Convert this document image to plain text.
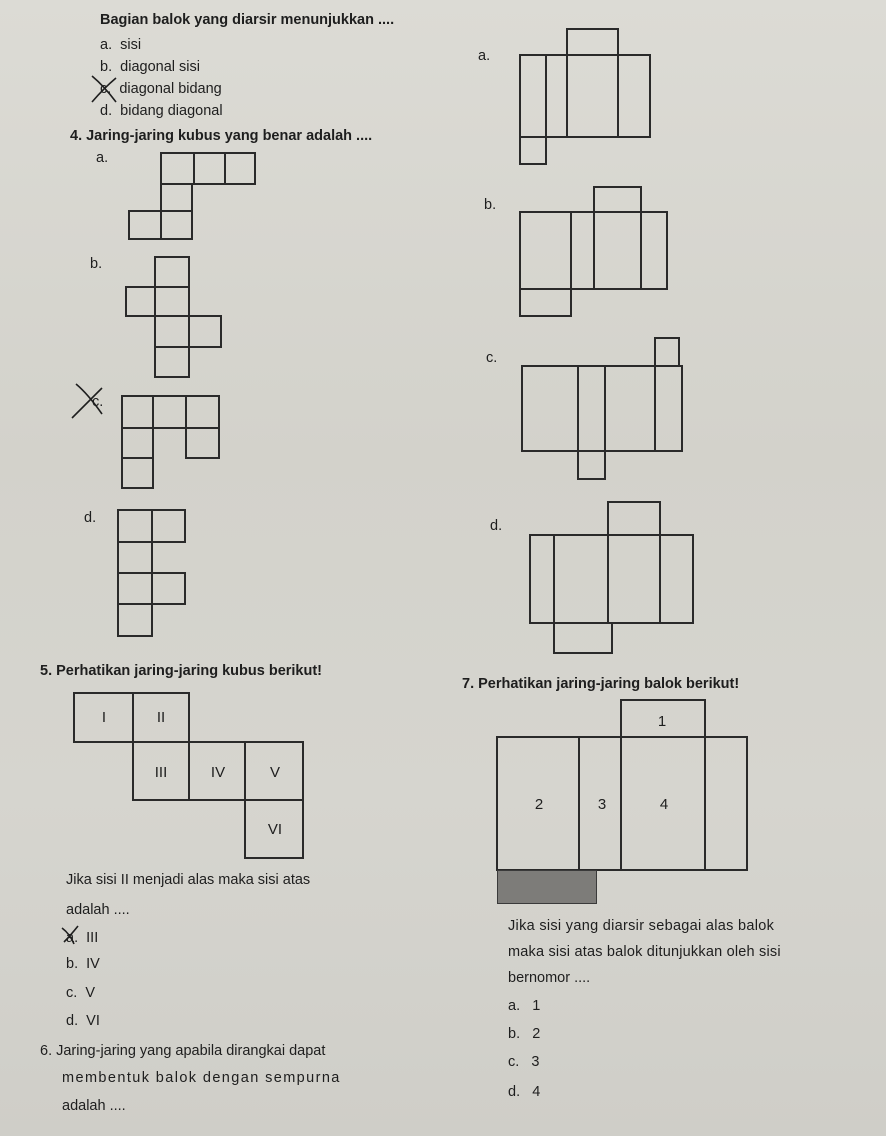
Bagian balok yang diarsir menunjukkan ....
a. sisi
b. diagonal sisi
c. diagonal bidang
d. bidang diagonal
4. Jaring-jaring kubus yang benar adalah ....
a.
b.
c.
d.
a.
b.
c.
d.
5. Perhatikan jaring-jaring kubus berikut!
I	II
III	IV	V
VI
Jika sisi II menjadi alas maka sisi atas
adalah ....
a. III
b. IV
c. V
d. VI
6. Jaring-jaring yang apabila dirangkai dapat
membentuk balok dengan sempurna
adalah ....
7. Perhatikan jaring-jaring balok berikut!
1
2	3	4
Jika sisi yang diarsir sebagai alas balok
maka sisi atas balok ditunjukkan oleh sisi
bernomor ....
a. 1
b. 2
c. 3
d. 4
